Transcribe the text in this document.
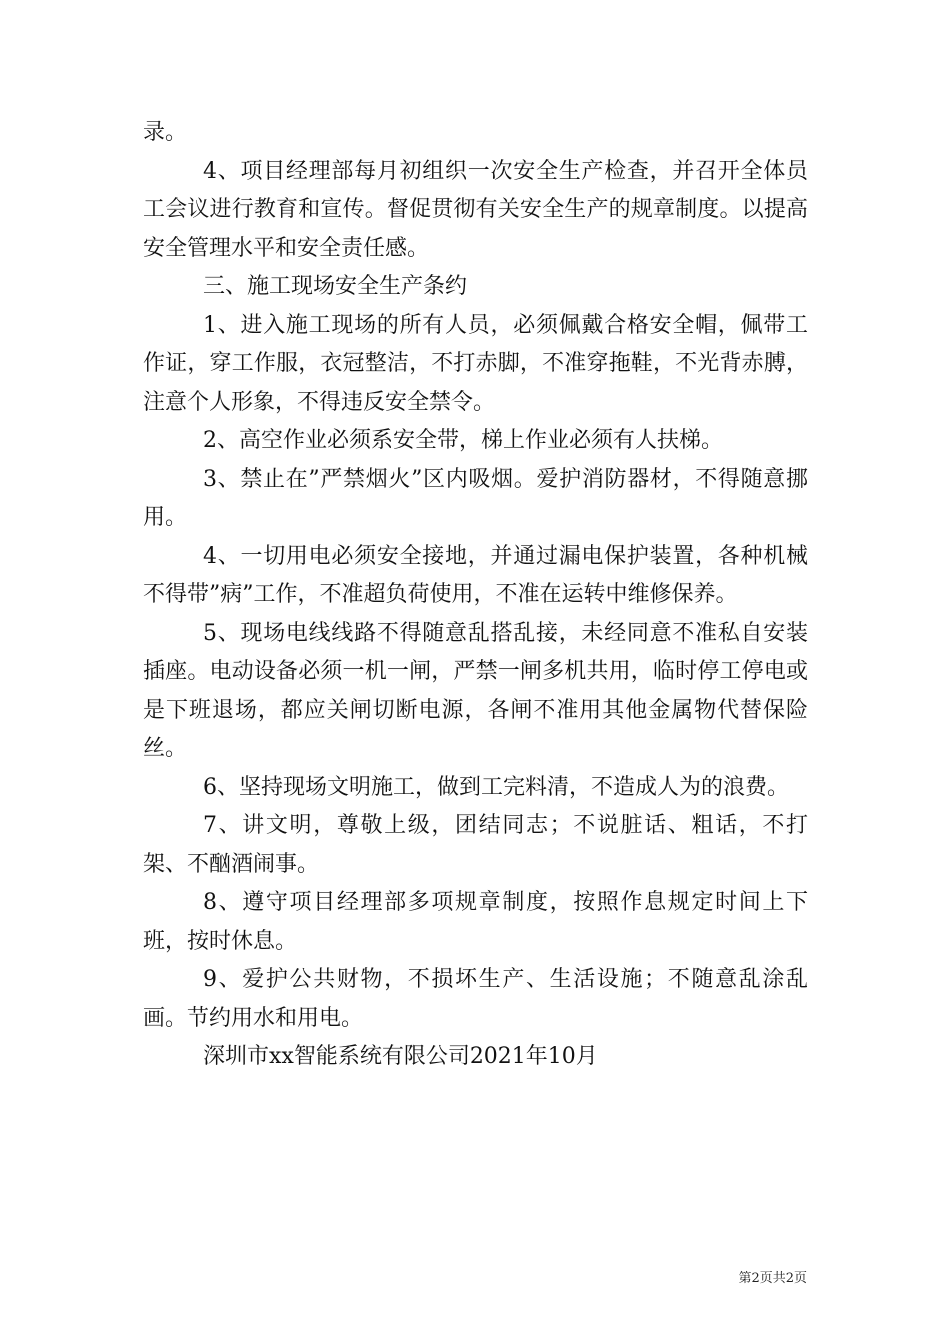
录。

4、项目经理部每月初组织一次安全生产检查，并召开全体员工会议进行教育和宣传。督促贯彻有关安全生产的规章制度。以提高安全管理水平和安全责任感。

三、施工现场安全生产条约

1、进入施工现场的所有人员，必须佩戴合格安全帽，佩带工作证，穿工作服，衣冠整洁，不打赤脚，不准穿拖鞋，不光背赤膊，注意个人形象，不得违反安全禁令。

2、高空作业必须系安全带，梯上作业必须有人扶梯。

3、禁止在”严禁烟火”区内吸烟。爱护消防器材，不得随意挪用。

4、一切用电必须安全接地，并通过漏电保护装置，各种机械不得带”病”工作，不准超负荷使用，不准在运转中维修保养。

5、现场电线线路不得随意乱搭乱接，未经同意不准私自安装插座。电动设备必须一机一闸，严禁一闸多机共用，临时停工停电或是下班退场，都应关闸切断电源，各闸不准用其他金属物代替保险丝。

6、坚持现场文明施工，做到工完料清，不造成人为的浪费。

7、讲文明，尊敬上级，团结同志；不说脏话、粗话，不打架、不酗酒闹事。

8、遵守项目经理部多项规章制度，按照作息规定时间上下班，按时休息。

9、爱护公共财物，不损坏生产、生活设施；不随意乱涂乱画。节约用水和用电。

深圳市xx智能系统有限公司2021年10月

第2页共2页
